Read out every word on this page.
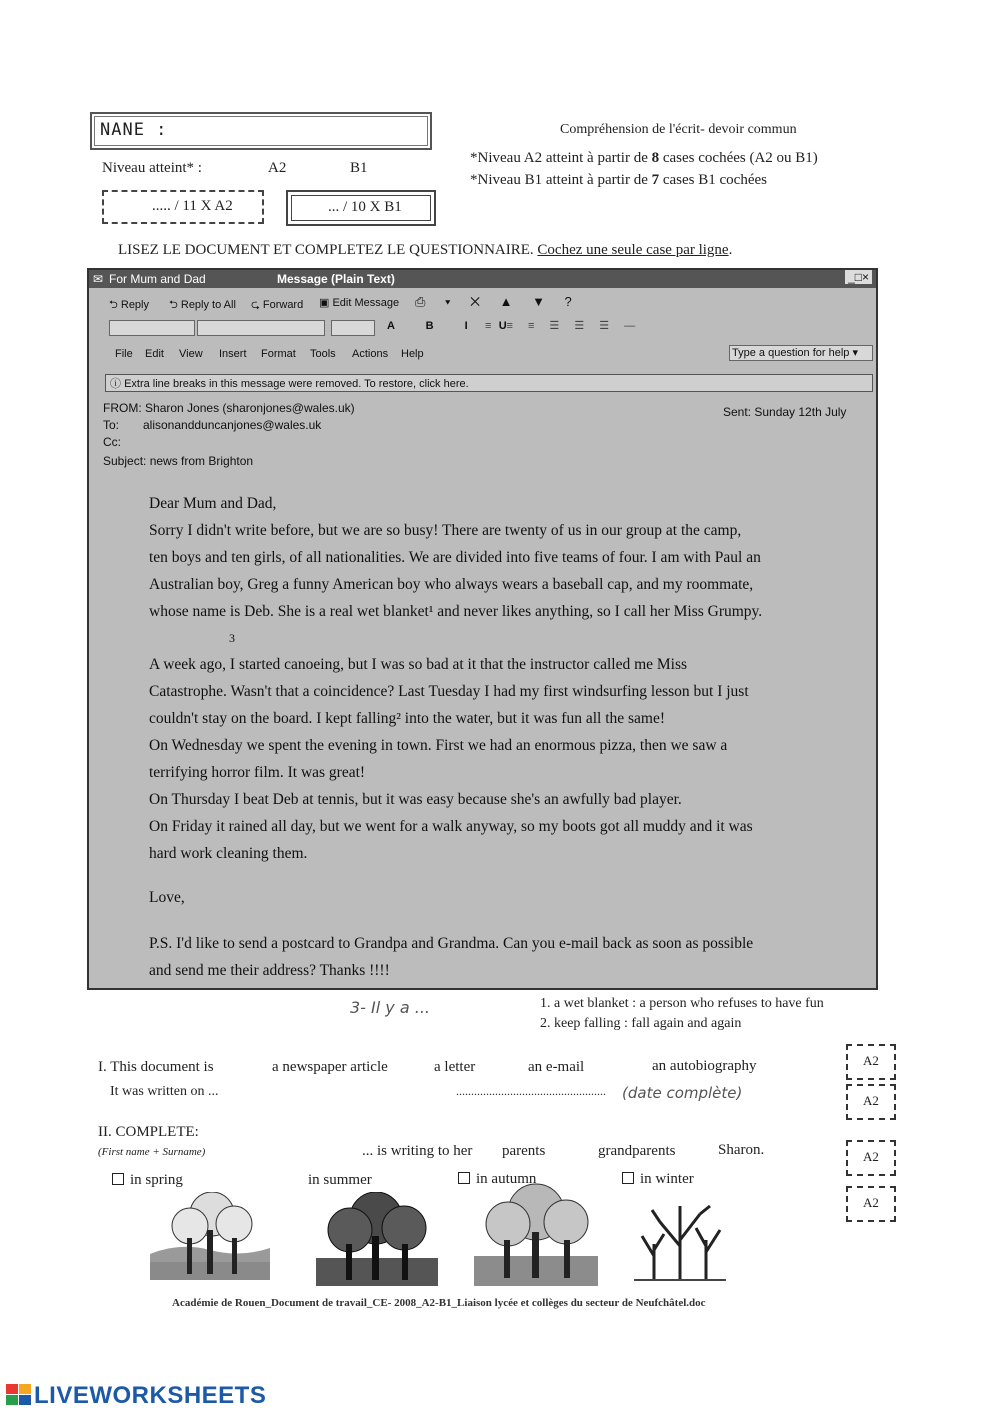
NANE :	Compréhension de l'écrit- devoir commun
Niveau atteint* :	A2	B1
*Niveau A2 atteint à partir de 8 cases cochées (A2 ou B1)
*Niveau B1 atteint à partir de 7 cases B1 cochées
..... / 11 X A2	... / 10 X B1
LISEZ LE DOCUMENT ET COMPLETEZ LE QUESTIONNAIRE. Cochez une seule case par ligne.
✉ For Mum and Dad	Message (Plain Text)	_□×
⮌ Reply ⮌ Reply to All ⮎ Forward ▣ Edit Message ⎙ ▾ ✕ ▲ ▼ ?
A B I U
≡ ≡ ≡ ☰ ☰ ☰ —
File Edit View Insert Format Tools Actions Help	Type a question for help ▾
ⓘ Extra line breaks in this message were removed. To restore, click here.
FROM: Sharon Jones (sharonjones@wales.uk)	Sent: Sunday 12th July
To: alisonandduncanjones@wales.uk
Cc:
Subject: news from Brighton
Dear Mum and Dad,
Sorry I didn't write before, but we are so busy! There are twenty of us in our group at the camp,
ten boys and ten girls, of all nationalities. We are divided into five teams of four. I am with Paul an
Australian boy, Greg a funny American boy who always wears a baseball cap, and my roommate,
whose name is Deb. She is a real wet blanket¹ and never likes anything, so I call her Miss Grumpy.
3
A week ago, I started canoeing, but I was so bad at it that the instructor called me Miss
Catastrophe. Wasn't that a coincidence? Last Tuesday I had my first windsurfing lesson but I just
couldn't stay on the board. I kept falling² into the water, but it was fun all the same!
On Wednesday we spent the evening in town. First we had an enormous pizza, then we saw a
terrifying horror film. It was great!
On Thursday I beat Deb at tennis, but it was easy because she's an awfully bad player.
On Friday it rained all day, but we went for a walk anyway, so my boots got all muddy and it was
hard work cleaning them.
Love,
P.S. I'd like to send a postcard to Grandpa and Grandma. Can you e-mail back as soon as possible
and send me their address? Thanks !!!!
3- Il y a ...	1. a wet blanket : a person who refuses to have fun
2. keep falling : fall again and again
I. This document is	a newspaper article	a letter	an e-mail	an autobiography
It was written on ...	..................................................	(date complète)
A2
A2
II. COMPLETE:
(First name + Surname)	... is writing to her parents	grandparents	Sharon.	A2
A2
in spring	in summer	in autumn	in winter
Académie de Rouen_Document de travail_CE- 2008_A2-B1_Liaison lycée et collèges du secteur de Neufchâtel.doc
LIVEWORKSHEETS
